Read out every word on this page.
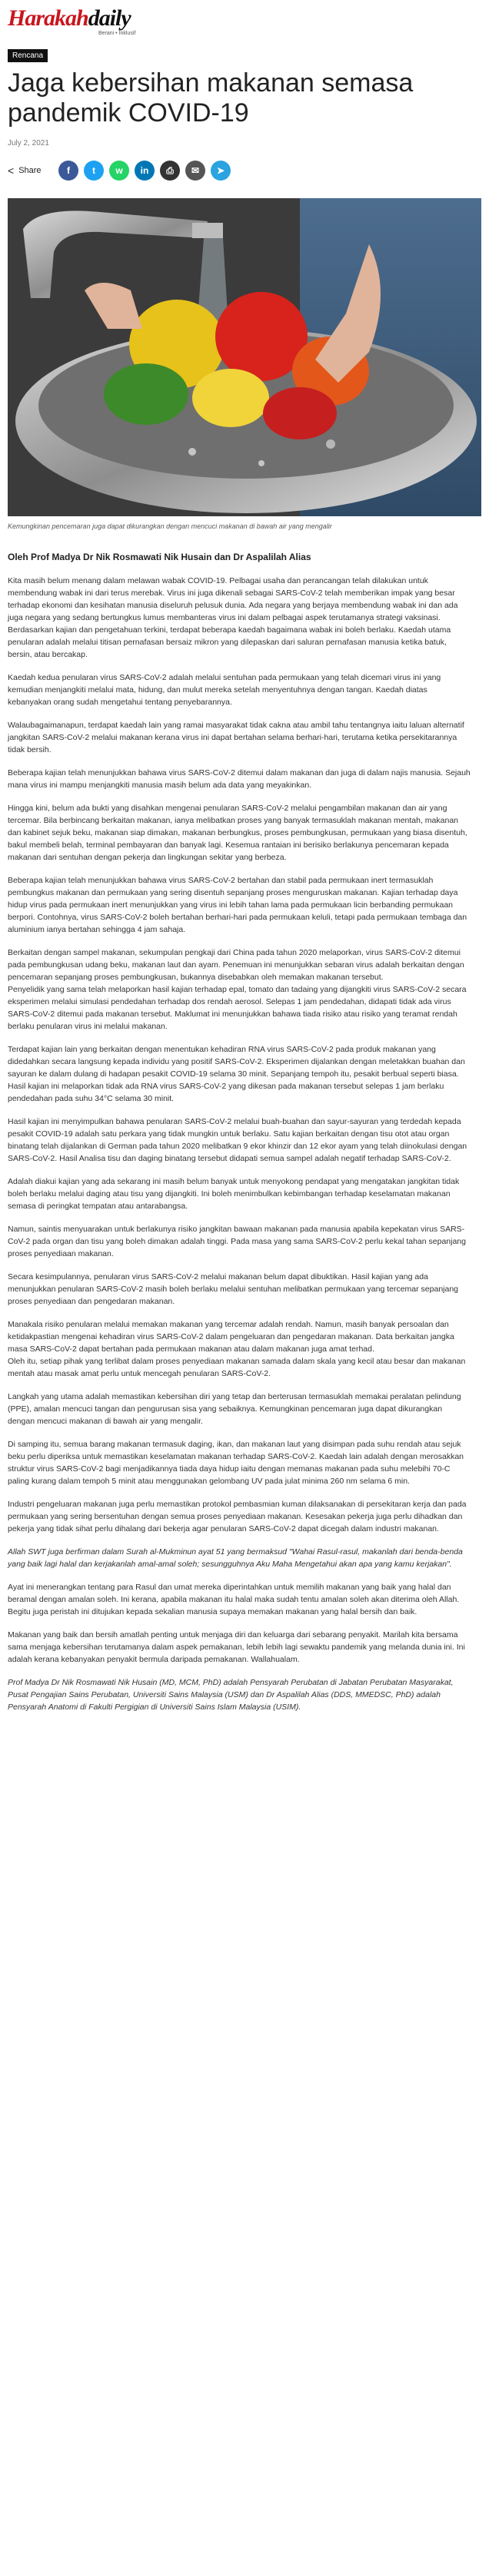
Harakahdaily
Berani • Inklusif
Rencana
Jaga kebersihan makanan semasa pandemik COVID-19
July 2, 2021
< Share	f	t	w	in	⎙	✉	➤
Kemungkinan pencemaran juga dapat dikurangkan dengan mencuci makanan di bawah air yang mengalir
Oleh Prof Madya Dr Nik Rosmawati Nik Husain dan Dr Aspalilah Alias

Kita masih belum menang dalam melawan wabak COVID-19. Pelbagai usaha dan perancangan telah dilakukan untuk membendung wabak ini dari terus merebak. Virus ini juga dikenali sebagai SARS-CoV-2 telah memberikan impak yang besar terhadap ekonomi dan kesihatan manusia diseluruh pelusuk dunia. Ada negara yang berjaya membendung wabak ini dan ada juga negara yang sedang bertungkus lumus membanteras virus ini dalam pelbagai aspek terutamanya strategi vaksinasi.
Berdasarkan kajian dan pengetahuan terkini, terdapat beberapa kaedah bagaimana wabak ini boleh berlaku. Kaedah utama penularan adalah melalui titisan pernafasan bersaiz mikron yang dilepaskan dari saluran pernafasan manusia ketika batuk, bersin, atau bercakap.

Kaedah kedua penularan virus SARS-CoV-2 adalah melalui sentuhan pada permukaan yang telah dicemari virus ini yang kemudian menjangkiti melalui mata, hidung, dan mulut mereka setelah menyentuhnya dengan tangan. Kaedah diatas kebanyakan orang sudah mengetahui tentang penyebarannya.

Walaubagaimanapun, terdapat kaedah lain yang ramai masyarakat tidak cakna atau ambil tahu tentangnya iaitu laluan alternatif jangkitan SARS-CoV-2 melalui makanan kerana virus ini dapat bertahan selama berhari-hari, terutama ketika persekitarannya tidak bersih.

Beberapa kajian telah menunjukkan bahawa virus SARS-CoV-2 ditemui dalam makanan dan juga di dalam najis manusia. Sejauh mana virus ini mampu menjangkiti manusia masih belum ada data yang meyakinkan.

Hingga kini, belum ada bukti yang disahkan mengenai penularan SARS-CoV-2 melalui pengambilan makanan dan air yang tercemar. Bila berbincang berkaitan makanan, ianya melibatkan proses yang banyak termasuklah makanan mentah, makanan dan kabinet sejuk beku, makanan siap dimakan, makanan berbungkus, proses pembungkusan, permukaan yang biasa disentuh, bakul membeli belah, terminal pembayaran dan banyak lagi. Kesemua rantaian ini berisiko berlakunya pencemaran kepada makanan dari sentuhan dengan pekerja dan lingkungan sekitar yang berbeza.

Beberapa kajian telah menunjukkan bahawa virus SARS-CoV-2 bertahan dan stabil pada permukaan inert termasuklah pembungkus makanan dan permukaan yang sering disentuh sepanjang proses menguruskan makanan. Kajian terhadap daya hidup virus pada permukaan inert menunjukkan yang virus ini lebih tahan lama pada permukaan licin berbanding permukaan berpori. Contohnya, virus SARS-CoV-2 boleh bertahan berhari-hari pada permukaan keluli, tetapi pada permukaan tembaga dan aluminium ianya bertahan sehingga 4 jam sahaja.

Berkaitan dengan sampel makanan, sekumpulan pengkaji dari China pada tahun 2020 melaporkan, virus SARS-CoV-2 ditemui pada pembungkusan udang beku, makanan laut dan ayam. Penemuan ini menunjukkan sebaran virus adalah berkaitan dengan pencemaran sepanjang proses pembungkusan, bukannya disebabkan oleh memakan makanan tersebut.
Penyelidik yang sama telah melaporkan hasil kajian terhadap epal, tomato dan tadaing yang dijangkiti virus SARS-CoV-2 secara eksperimen melalui simulasi pendedahan terhadap dos rendah aerosol. Selepas 1 jam pendedahan, didapati tidak ada virus SARS-CoV-2 ditemui pada makanan tersebut. Maklumat ini menunjukkan bahawa tiada risiko atau risiko yang teramat rendah berlaku penularan virus ini melalui makanan.

Terdapat kajian lain yang berkaitan dengan menentukan kehadiran RNA virus SARS-CoV-2 pada produk makanan yang didedahkan secara langsung kepada individu yang positif SARS-CoV-2. Eksperimen dijalankan dengan meletakkan buahan dan sayuran ke dalam dulang di hadapan pesakit COVID-19 selama 30 minit. Sepanjang tempoh itu, pesakit berbual seperti biasa. Hasil kajian ini melaporkan tidak ada RNA virus SARS-CoV-2 yang dikesan pada makanan tersebut selepas 1 jam berlaku pendedahan pada suhu 34°C selama 30 minit.

Hasil kajian ini menyimpulkan bahawa penularan SARS-CoV-2 melalui buah-buahan dan sayur-sayuran yang terdedah kepada pesakit COVID-19 adalah satu perkara yang tidak mungkin untuk berlaku. Satu kajian berkaitan dengan tisu otot atau organ binatang telah dijalankan di German pada tahun 2020 melibatkan 9 ekor khinzir dan 12 ekor ayam yang telah diinokulasi dengan SARS-CoV-2. Hasil Analisa tisu dan daging binatang tersebut didapati semua sampel adalah negatif terhadap SARS-CoV-2.

Adalah diakui kajian yang ada sekarang ini masih belum banyak untuk menyokong pendapat yang mengatakan jangkitan tidak boleh berlaku melalui daging atau tisu yang dijangkiti. Ini boleh menimbulkan kebimbangan terhadap keselamatan makanan semasa di peringkat tempatan atau antarabangsa.

Namun, saintis menyuarakan untuk berlakunya risiko jangkitan bawaan makanan pada manusia apabila kepekatan virus SARS-CoV-2 pada organ dan tisu yang boleh dimakan adalah tinggi. Pada masa yang sama SARS-CoV-2 perlu kekal tahan sepanjang proses penyediaan makanan.

Secara kesimpulannya, penularan virus SARS-CoV-2 melalui makanan belum dapat dibuktikan. Hasil kajian yang ada menunjukkan penularan SARS-CoV-2 masih boleh berlaku melalui sentuhan melibatkan permukaan yang tercemar sepanjang proses penyediaan dan pengedaran makanan.

Manakala risiko penularan melalui memakan makanan yang tercemar adalah rendah. Namun, masih banyak persoalan dan ketidakpastian mengenai kehadiran virus SARS-CoV-2 dalam pengeluaran dan pengedaran makanan. Data berkaitan jangka masa SARS-CoV-2 dapat bertahan pada permukaan makanan atau dalam makanan juga amat terhad.
Oleh itu, setiap pihak yang terlibat dalam proses penyediaan makanan samada dalam skala yang kecil atau besar dan makanan mentah atau masak amat perlu untuk mencegah penularan SARS-CoV-2.

Langkah yang utama adalah memastikan kebersihan diri yang tetap dan berterusan termasuklah memakai peralatan pelindung (PPE), amalan mencuci tangan dan pengurusan sisa yang sebaiknya. Kemungkinan pencemaran juga dapat dikurangkan dengan mencuci makanan di bawah air yang mengalir.

Di samping itu, semua barang makanan termasuk daging, ikan, dan makanan laut yang disimpan pada suhu rendah atau sejuk beku perlu diperiksa untuk memastikan keselamatan makanan terhadap SARS-CoV-2. Kaedah lain adalah dengan merosakkan struktur virus SARS-CoV-2 bagi menjadikannya tiada daya hidup iaitu dengan memanas makanan pada suhu melebihi 70-C paling kurang dalam tempoh 5 minit atau menggunakan gelombang UV pada julat minima 260 nm selama 6 min.

Industri pengeluaran makanan juga perlu memastikan protokol pembasmian kuman dilaksanakan di persekitaran kerja dan pada permukaan yang sering bersentuhan dengan semua proses penyediaan makanan. Kesesakan pekerja juga perlu dihadkan dan pekerja yang tidak sihat perlu dihalang dari bekerja agar penularan SARS-CoV-2 dapat dicegah dalam industri makanan.

Allah SWT juga berfirman dalam Surah al-Mukminun ayat 51 yang bermaksud "Wahai Rasul-rasul, makanlah dari benda-benda yang baik lagi halal dan kerjakanlah amal-amal soleh; sesungguhnya Aku Maha Mengetahui akan apa yang kamu kerjakan".

Ayat ini menerangkan tentang para Rasul dan umat mereka diperintahkan untuk memilih makanan yang baik yang halal dan beramal dengan amalan soleh. Ini kerana, apabila makanan itu halal maka sudah tentu amalan soleh akan diterima oleh Allah. Begitu juga peristah ini ditujukan kepada sekalian manusia supaya memakan makanan yang halal bersih dan baik.

Makanan yang baik dan bersih amatlah penting untuk menjaga diri dan keluarga dari sebarang penyakit. Marilah kita bersama sama menjaga kebersihan terutamanya dalam aspek pemakanan, lebih lebih lagi sewaktu pandemik yang melanda dunia ini. Ini adalah kerana kebanyakan penyakit bermula daripada pemakanan. Wallahualam.

Prof Madya Dr Nik Rosmawati Nik Husain (MD, MCM, PhD) adalah Pensyarah Perubatan di Jabatan Perubatan Masyarakat, Pusat Pengajian Sains Perubatan, Universiti Sains Malaysia (USM) dan Dr Aspalilah Alias (DDS, MMEDSC, PhD) adalah Pensyarah Anatomi di Fakulti Pergigian di Universiti Sains Islam Malaysia (USIM).
